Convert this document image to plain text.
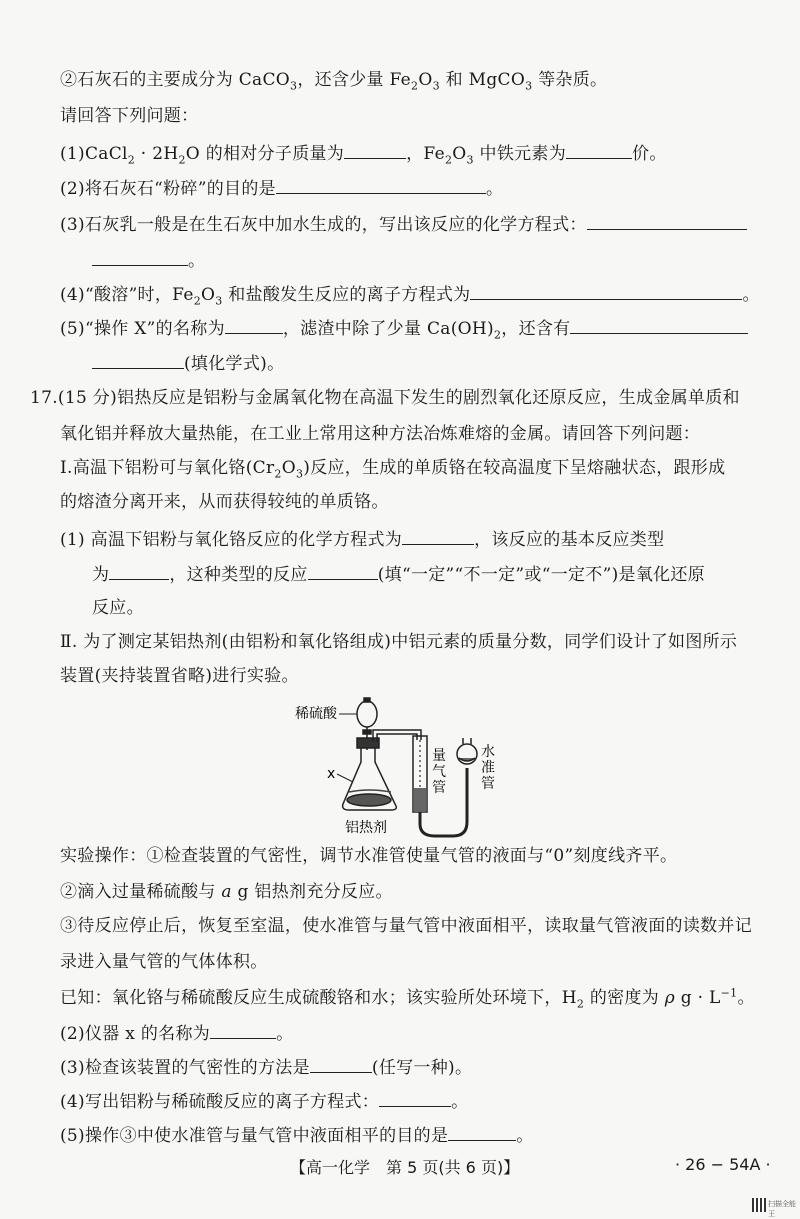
②石灰石的主要成分为 CaCO$_3$，还含少量 $Fe_2O_3$ 和 MgCO$_3$ 等杂质。
请回答下列问题：
(1)CaCl$_2$ · $2H_2O$ 的相对分子质量为	，$Fe_2O_3$ 中铁元素为	价。
(2)将石灰石“粉碎”的目的是	。
(3)石灰乳一般是在生石灰中加水生成的，写出该反应的化学方程式：
。
(4)“酸溶”时，$Fe_2O_3$ 和盐酸发生反应的离子方程式为	。
(5)“操作 X”的名称为	，滤渣中除了少量 $Ca(OH)_2$，还含有
(填化学式)。
17.(15 分)铝热反应是铝粉与金属氧化物在高温下发生的剧烈氧化还原反应，生成金属单质和
氧化铝并释放大量热能，在工业上常用这种方法冶炼难熔的金属。请回答下列问题：
Ⅰ.高温下铝粉可与氧化铬$(Cr_2O_3)$反应，生成的单质铬在较高温度下呈熔融状态，跟形成
的熔渣分离开来，从而获得较纯的单质铬。
(1) 高温下铝粉与氧化铬反应的化学方程式为	，该反应的基本反应类型
为	，这种类型的反应	(填“一定”“不一定”或“一定不”)是氧化还原
反应。
Ⅱ. 为了测定某铝热剂(由铝粉和氧化铬组成)中铝元素的质量分数，同学们设计了如图所示
装置(夹持装置省略)进行实验。
稀硫酸
x
铝热剂
量
气
管
水
准
管
实验操作：①检查装置的气密性，调节水准管使量气管的液面与“0”刻度线齐平。
②滴入过量稀硫酸与 a g 铝热剂充分反应。
③待反应停止后，恢复至室温，使水准管与量气管中液面相平，读取量气管液面的读数并记
录进入量气管的气体体积。
已知：氧化铬与稀硫酸反应生成硫酸铬和水；该实验所处环境下，$H_2$ 的密度为 ρ $g \cdot L^{-1}$。
(2)仪器 x 的名称为	。
(3)检查该装置的气密性的方法是	(任写一种)。
(4)写出铝粉与稀硫酸反应的离子方程式：	。
(5)操作③中使水准管与量气管中液面相平的目的是	。
【高一化学　第 5 页(共 6 页)】	· 26 − 54A ·
扫描全能王
